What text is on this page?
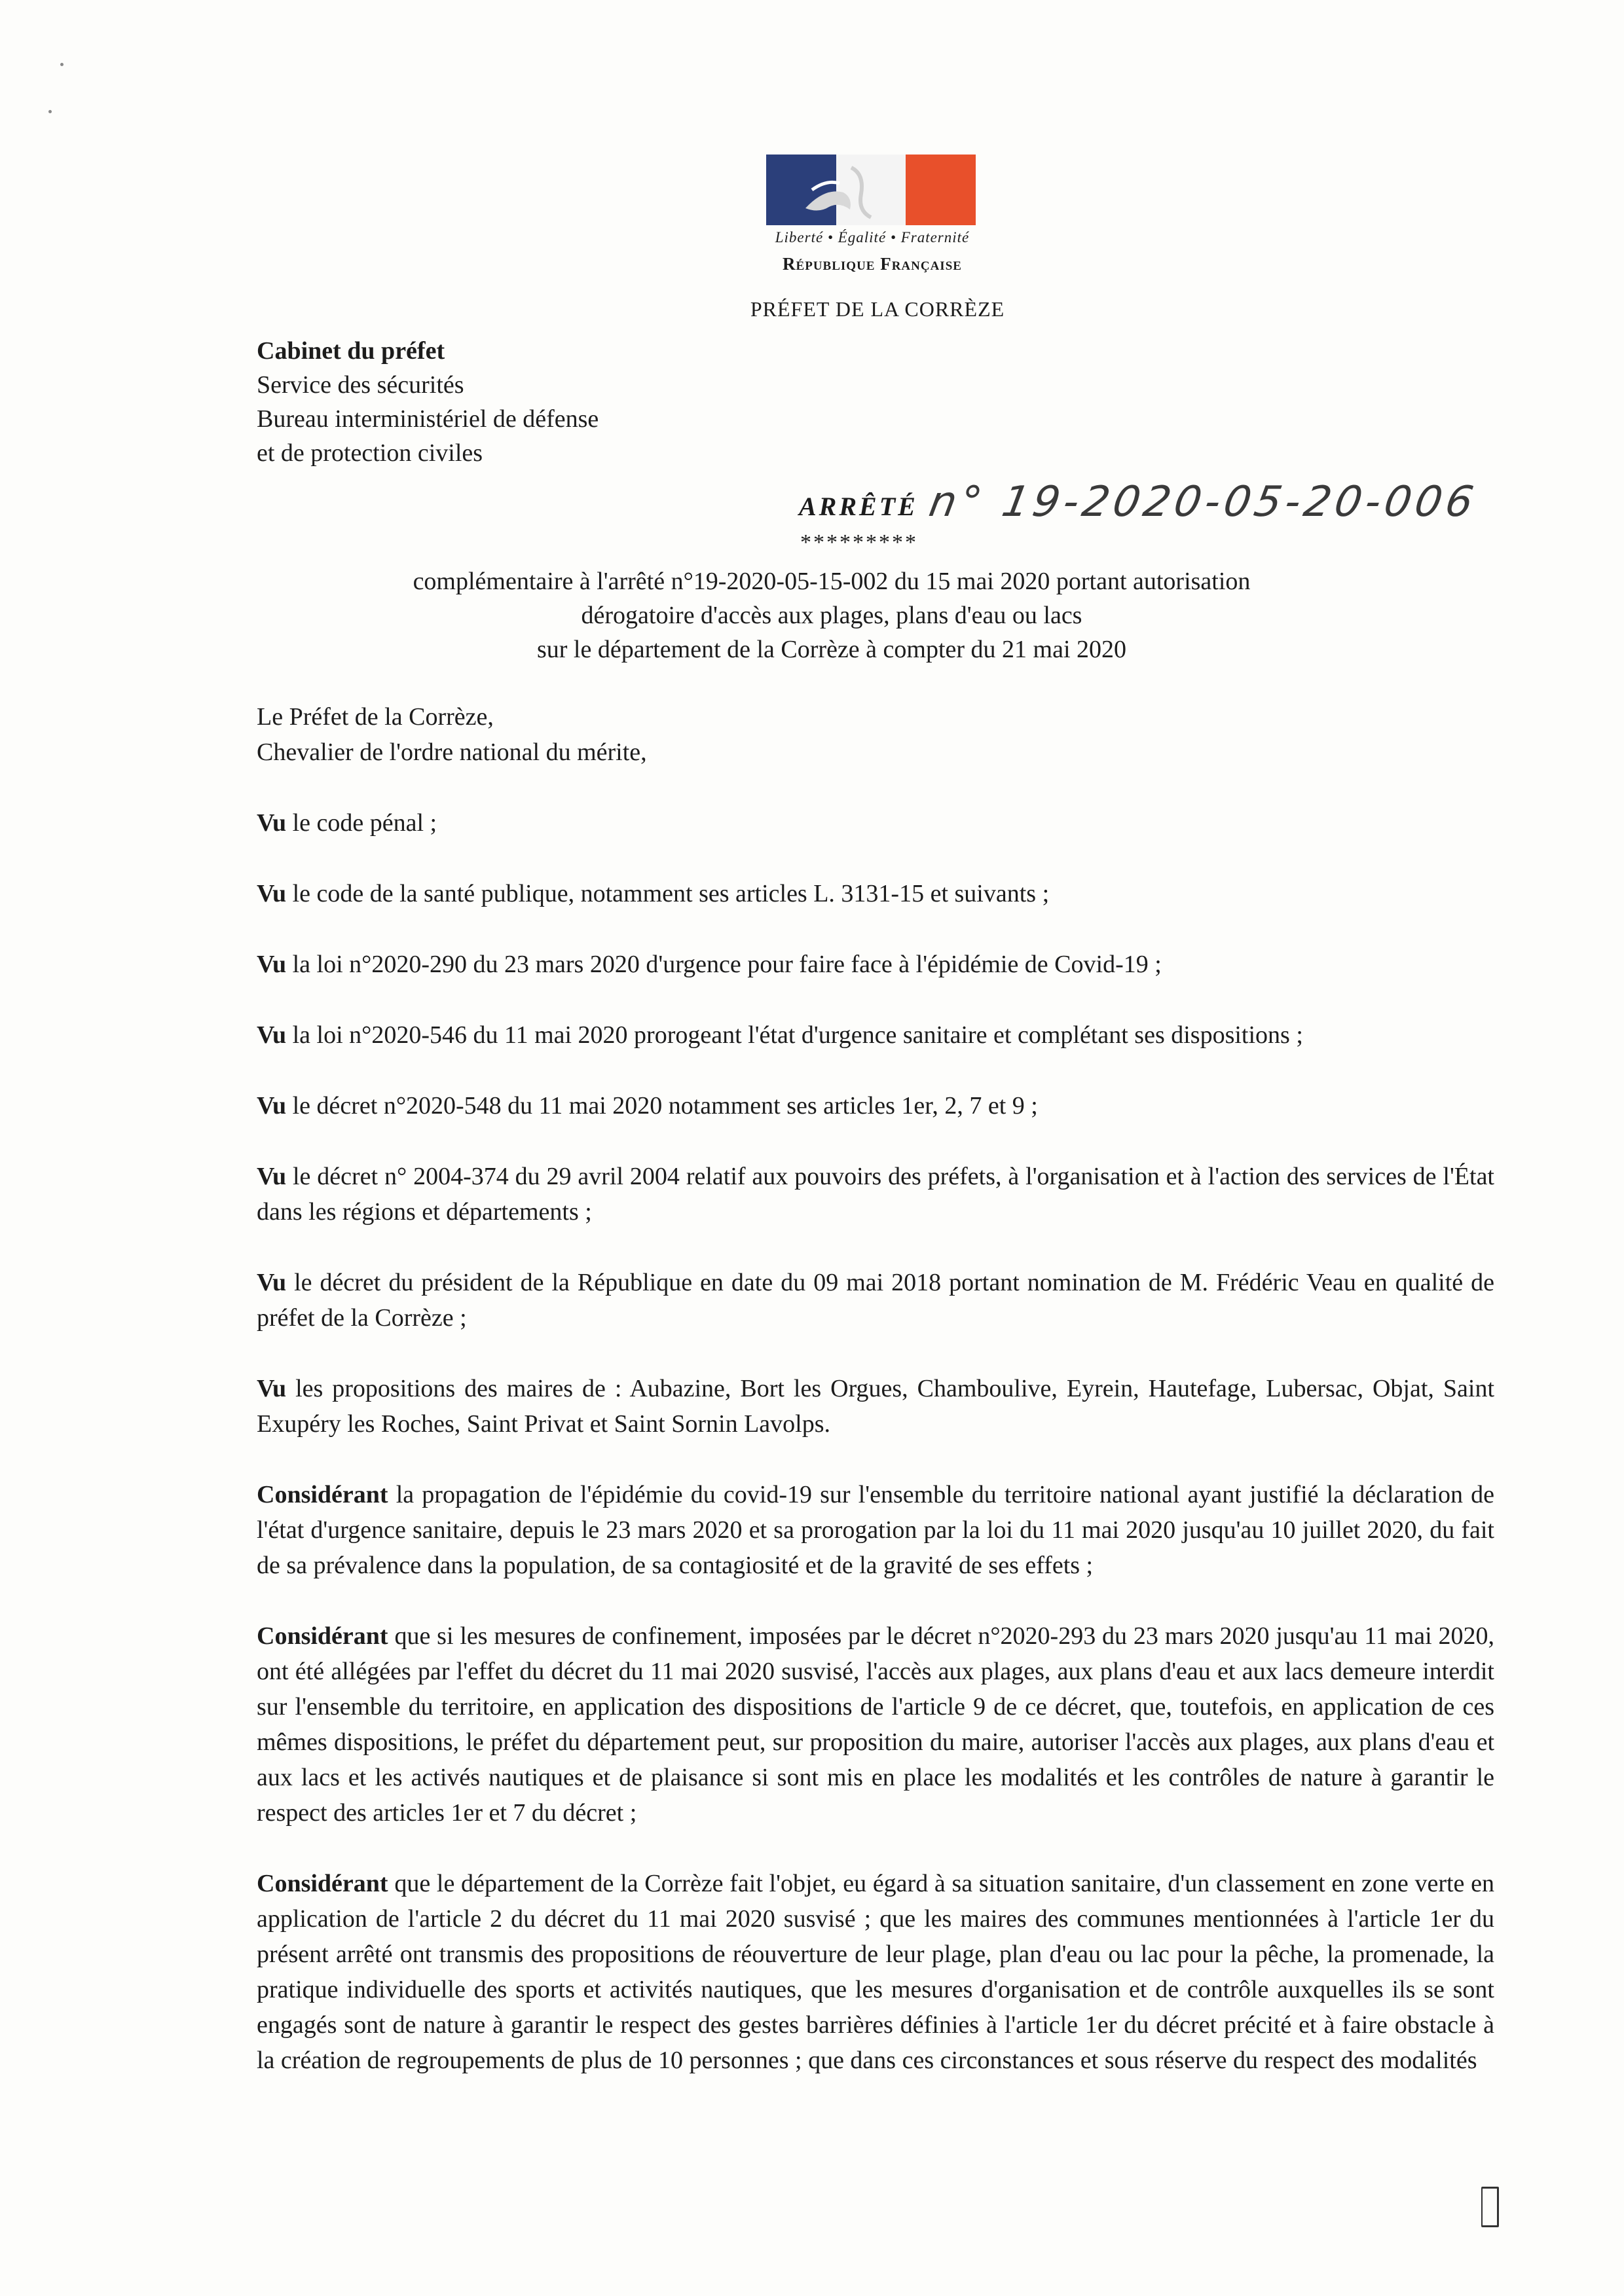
Liberté • Égalité • Fraternité
République Française
PRÉFET DE LA CORRÈZE
Cabinet du préfet
Service des sécurités
Bureau interministériel de défense
et de protection civiles
ARRÊTÉ n° 19-2020-05-20-006
*********
complémentaire à l'arrêté n°19-2020-05-15-002 du 15 mai 2020 portant autorisation
dérogatoire d'accès aux plages, plans d'eau ou lacs
sur le département de la Corrèze à compter du 21 mai 2020

Le Préfet de la Corrèze,

Chevalier de l'ordre national du mérite,

Vu le code pénal ;

Vu le code de la santé publique, notamment ses articles L. 3131-15 et suivants ;

Vu la loi n°2020-290 du 23 mars 2020 d'urgence pour faire face à l'épidémie de Covid-19 ;

Vu la loi n°2020-546 du 11 mai 2020 prorogeant l'état d'urgence sanitaire et complétant ses dispositions ;

Vu le décret n°2020-548 du 11 mai 2020 notamment ses articles 1er, 2, 7 et 9 ;

Vu le décret n° 2004-374 du 29 avril 2004 relatif aux pouvoirs des préfets, à l'organisation et à l'action des services de l'État dans les régions et départements ;

Vu le décret du président de la République en date du 09 mai 2018 portant nomination de M. Frédéric Veau en qualité de préfet de la Corrèze ;

Vu les propositions des maires de : Aubazine, Bort les Orgues, Chamboulive, Eyrein, Hautefage, Lubersac, Objat, Saint Exupéry les Roches, Saint Privat et Saint Sornin Lavolps.

Considérant la propagation de l'épidémie du covid-19 sur l'ensemble du territoire national ayant justifié la déclaration de l'état d'urgence sanitaire, depuis le 23 mars 2020 et sa prorogation par la loi du 11 mai 2020 jusqu'au 10 juillet 2020, du fait de sa prévalence dans la population, de sa contagiosité et de la gravité de ses effets ;

Considérant que si les mesures de confinement, imposées par le décret n°2020-293 du 23 mars 2020 jusqu'au 11 mai 2020, ont été allégées par l'effet du décret du 11 mai 2020 susvisé, l'accès aux plages, aux plans d'eau et aux lacs demeure interdit sur l'ensemble du territoire, en application des dispositions de l'article 9 de ce décret, que, toutefois, en application de ces mêmes dispositions, le préfet du département peut, sur proposition du maire, autoriser l'accès aux plages, aux plans d'eau et aux lacs et les activés nautiques et de plaisance si sont mis en place les modalités et les contrôles de nature à garantir le respect des articles 1er et 7 du décret ;

Considérant que le département de la Corrèze fait l'objet, eu égard à sa situation sanitaire, d'un classement en zone verte en application de l'article 2 du décret du 11 mai 2020 susvisé ; que les maires des communes mentionnées à l'article 1er du présent arrêté ont transmis des propositions de réouverture de leur plage, plan d'eau ou lac pour la pêche, la promenade, la pratique individuelle des sports et activités nautiques, que les mesures d'organisation et de contrôle auxquelles ils se sont engagés sont de nature à garantir le respect des gestes barrières définies à l'article 1er du décret précité et à faire obstacle à la création de regroupements de plus de 10 personnes ; que dans ces circonstances et sous réserve du respect des modalités
